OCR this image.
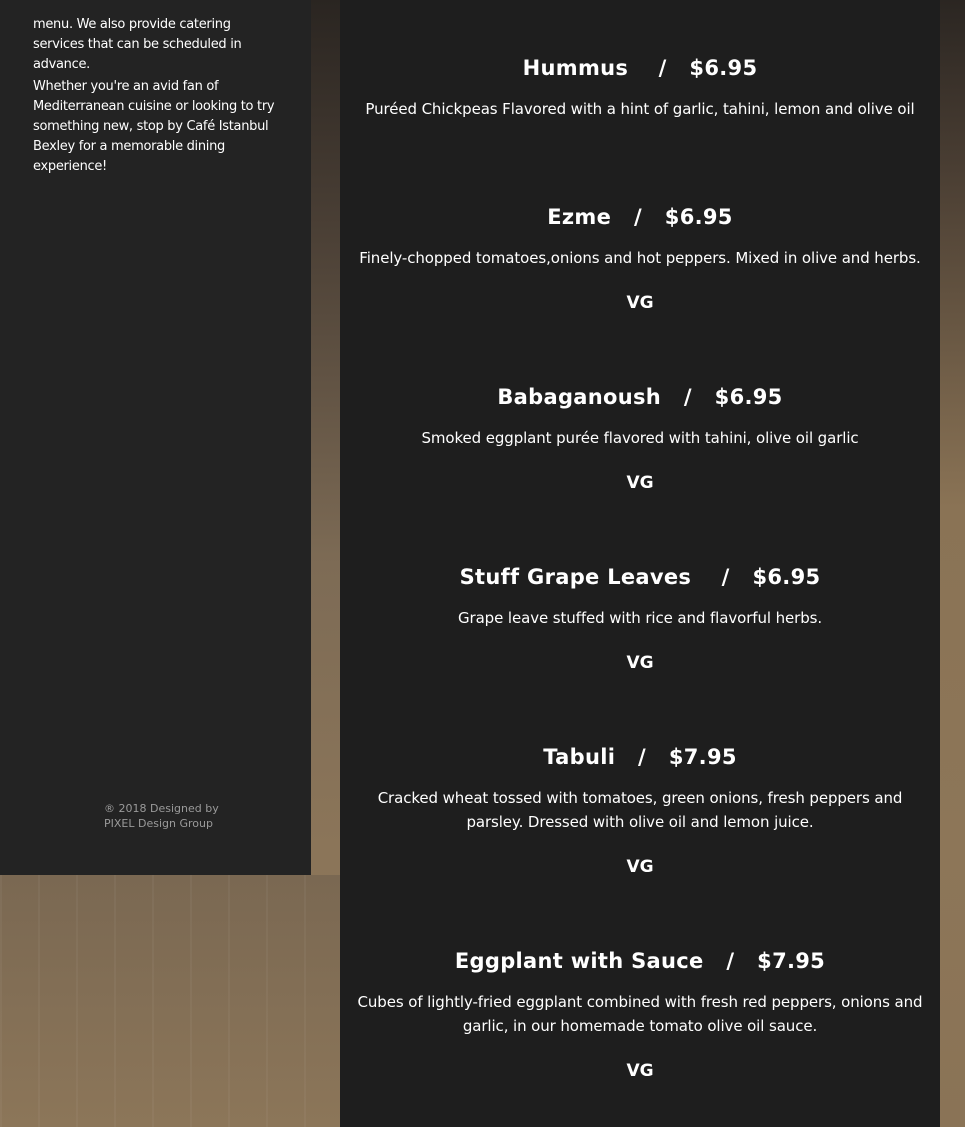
menu. We also provide catering services that can be scheduled in advance.

Whether you're an avid fan of Mediterranean cuisine or looking to try something new, stop by Café Istanbul Bexley for a memorable dining experience!

® 2018 Designed by
PIXEL Design Group
Hummus    /   $6.95
Puréed Chickpeas Flavored with a hint of garlic, tahini, lemon and olive oil
Ezme   /   $6.95
Finely-chopped tomatoes,onions and hot peppers. Mixed in olive and herbs.
VG
Babaganoush   /   $6.95
Smoked eggplant purée flavored with tahini, olive oil garlic
VG
Stuff Grape Leaves    /   $6.95
Grape leave stuffed with rice and flavorful herbs.
VG
Tabuli   /   $7.95
Cracked wheat tossed with tomatoes, green onions, fresh peppers and parsley. Dressed with olive oil and lemon juice.
VG
Eggplant with Sauce   /   $7.95
Cubes of lightly-fried eggplant combined with fresh red peppers, onions and garlic, in our homemade tomato olive oil sauce.
VG
